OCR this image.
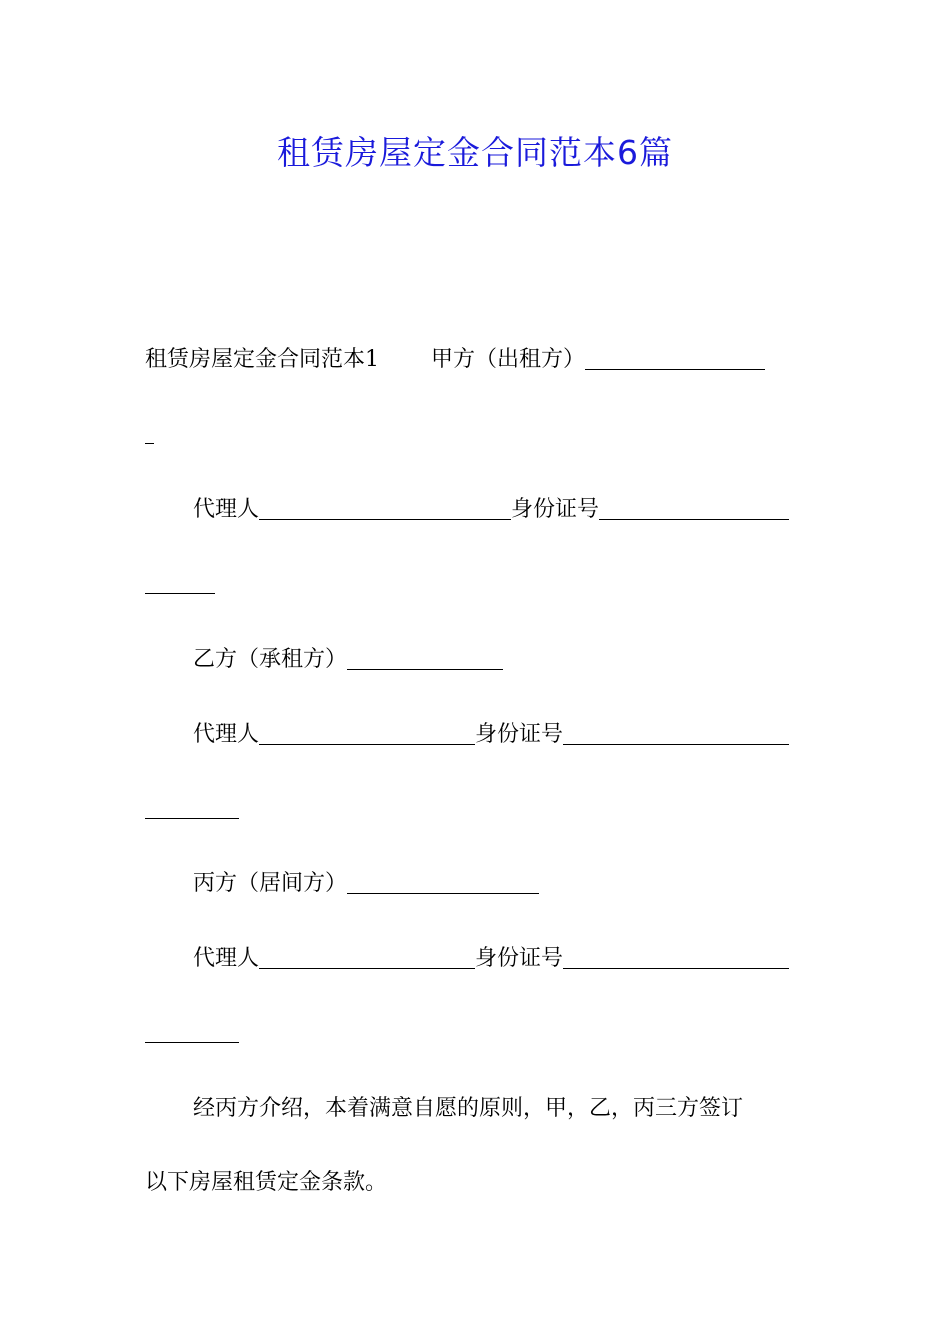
租赁房屋定金合同范本6篇
租赁房屋定金合同范本1 甲方（出租方）
代理人	身份证号
乙方（承租方）
代理人	身份证号
丙方（居间方）
代理人	身份证号
经丙方介绍，本着满意自愿的原则，甲，乙，丙三方签订
以下房屋租赁定金条款。
